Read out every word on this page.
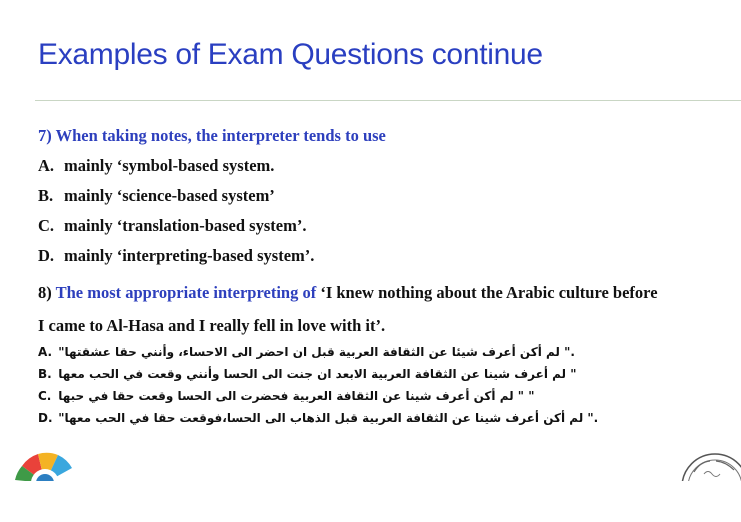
Examples of Exam Questions continue
7) When taking notes, the interpreter tends to use
A. mainly ‘symbol-based system.
B. mainly ‘science-based system’
C. mainly ‘translation-based system’.
D. mainly ‘interpreting-based system’.
8) The most appropriate interpreting of ‘I knew nothing about the Arabic culture before
I came to Al-Hasa and I really fell in love with it’.
A. ." لم أكن أعرف شيئا عن الثقافة العربية قبل ان احضر الى الاحساء، وأنني حقا عشقتها"
B. " لم أعرف شينا عن الثقافة العربية الابعد ان جنت الى الحسا وأنني وقعت في الحب معها
C. " " لم أكن أعرف شينا عن الثقافة العربية فحضرت الى الحسا وقعت حقا في حبها
D. ." لم أكن أعرف شينا عن الثقافة العربية قبل الذهاب الى الحسا،فوقعت حقا في الحب معها"
